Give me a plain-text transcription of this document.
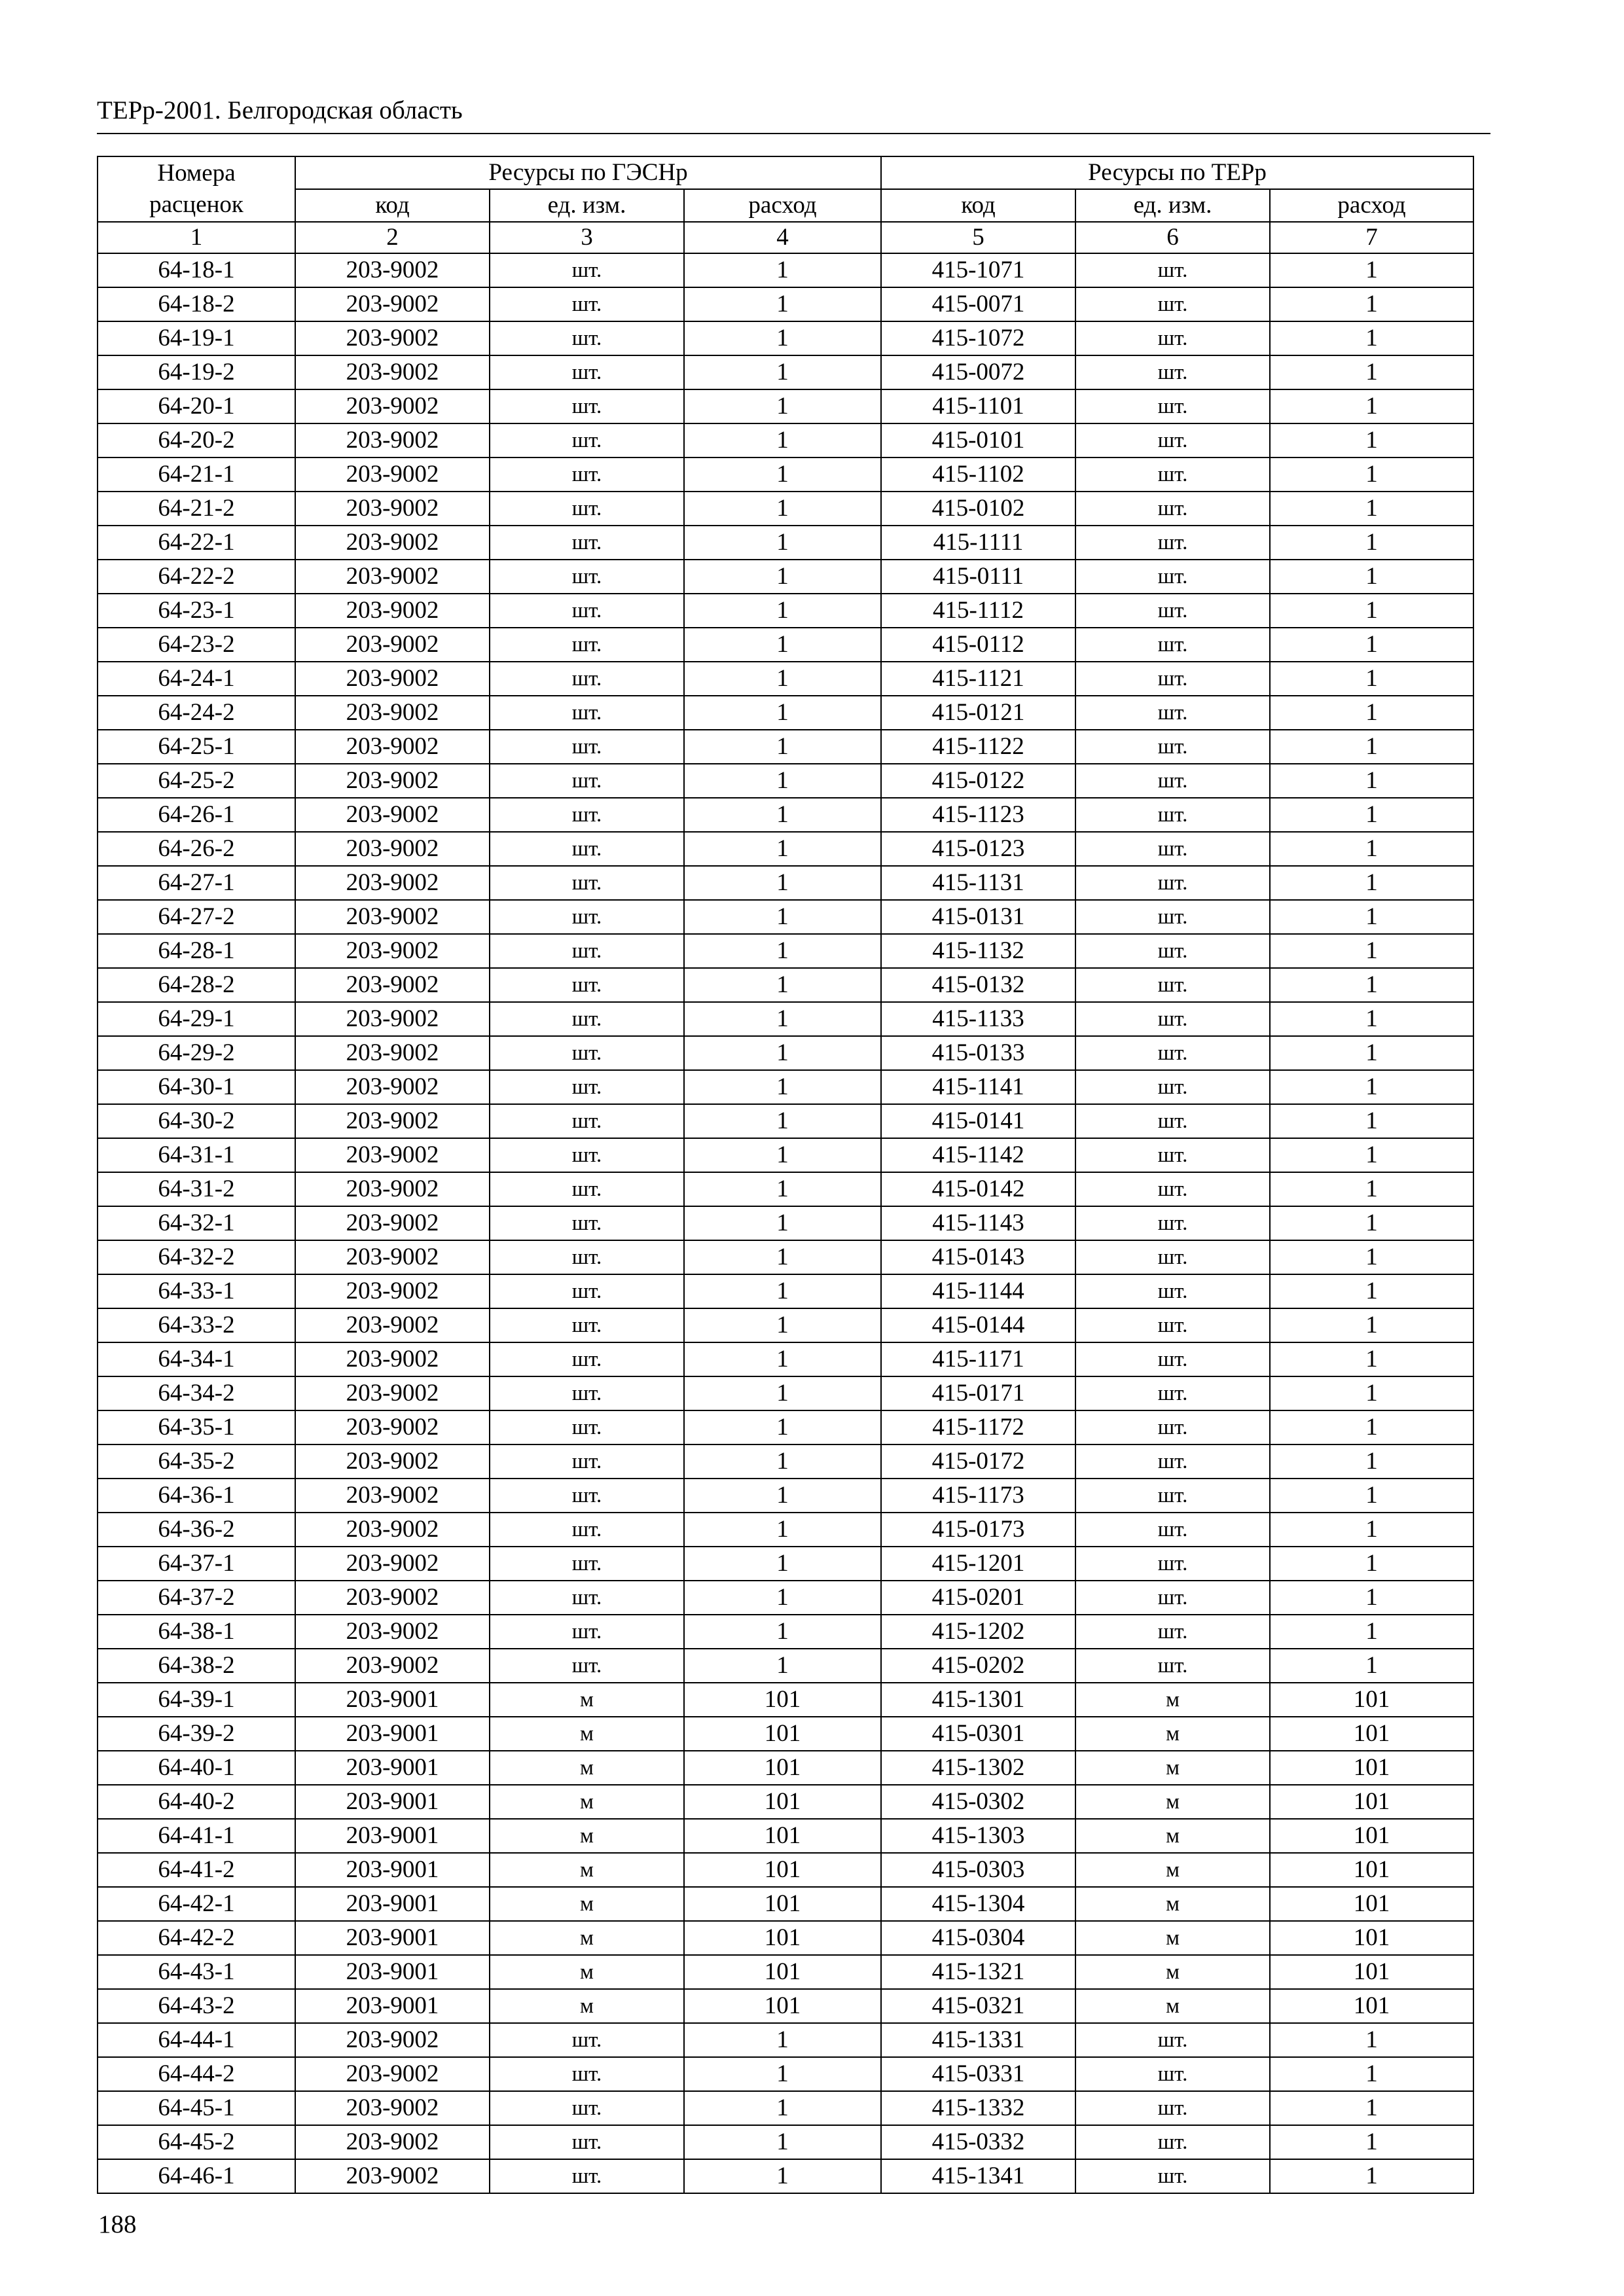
ТЕРр-2001. Белгородская область
Номера расценок	Ресурсы по ГЭСНр			Ресурсы по ТЕРр		
	код	ед. изм.	расход	код	ед. изм.	расход
1	2	3	4	5	6	7
64-18-1	203-9002	шт.	1	415-1071	шт.	1
64-18-2	203-9002	шт.	1	415-0071	шт.	1
64-19-1	203-9002	шт.	1	415-1072	шт.	1
64-19-2	203-9002	шт.	1	415-0072	шт.	1
64-20-1	203-9002	шт.	1	415-1101	шт.	1
64-20-2	203-9002	шт.	1	415-0101	шт.	1
64-21-1	203-9002	шт.	1	415-1102	шт.	1
64-21-2	203-9002	шт.	1	415-0102	шт.	1
64-22-1	203-9002	шт.	1	415-1111	шт.	1
64-22-2	203-9002	шт.	1	415-0111	шт.	1
64-23-1	203-9002	шт.	1	415-1112	шт.	1
64-23-2	203-9002	шт.	1	415-0112	шт.	1
64-24-1	203-9002	шт.	1	415-1121	шт.	1
64-24-2	203-9002	шт.	1	415-0121	шт.	1
64-25-1	203-9002	шт.	1	415-1122	шт.	1
64-25-2	203-9002	шт.	1	415-0122	шт.	1
64-26-1	203-9002	шт.	1	415-1123	шт.	1
64-26-2	203-9002	шт.	1	415-0123	шт.	1
64-27-1	203-9002	шт.	1	415-1131	шт.	1
64-27-2	203-9002	шт.	1	415-0131	шт.	1
64-28-1	203-9002	шт.	1	415-1132	шт.	1
64-28-2	203-9002	шт.	1	415-0132	шт.	1
64-29-1	203-9002	шт.	1	415-1133	шт.	1
64-29-2	203-9002	шт.	1	415-0133	шт.	1
64-30-1	203-9002	шт.	1	415-1141	шт.	1
64-30-2	203-9002	шт.	1	415-0141	шт.	1
64-31-1	203-9002	шт.	1	415-1142	шт.	1
64-31-2	203-9002	шт.	1	415-0142	шт.	1
64-32-1	203-9002	шт.	1	415-1143	шт.	1
64-32-2	203-9002	шт.	1	415-0143	шт.	1
64-33-1	203-9002	шт.	1	415-1144	шт.	1
64-33-2	203-9002	шт.	1	415-0144	шт.	1
64-34-1	203-9002	шт.	1	415-1171	шт.	1
64-34-2	203-9002	шт.	1	415-0171	шт.	1
64-35-1	203-9002	шт.	1	415-1172	шт.	1
64-35-2	203-9002	шт.	1	415-0172	шт.	1
64-36-1	203-9002	шт.	1	415-1173	шт.	1
64-36-2	203-9002	шт.	1	415-0173	шт.	1
64-37-1	203-9002	шт.	1	415-1201	шт.	1
64-37-2	203-9002	шт.	1	415-0201	шт.	1
64-38-1	203-9002	шт.	1	415-1202	шт.	1
64-38-2	203-9002	шт.	1	415-0202	шт.	1
64-39-1	203-9001	м	101	415-1301	м	101
64-39-2	203-9001	м	101	415-0301	м	101
64-40-1	203-9001	м	101	415-1302	м	101
64-40-2	203-9001	м	101	415-0302	м	101
64-41-1	203-9001	м	101	415-1303	м	101
64-41-2	203-9001	м	101	415-0303	м	101
64-42-1	203-9001	м	101	415-1304	м	101
64-42-2	203-9001	м	101	415-0304	м	101
64-43-1	203-9001	м	101	415-1321	м	101
64-43-2	203-9001	м	101	415-0321	м	101
64-44-1	203-9002	шт.	1	415-1331	шт.	1
64-44-2	203-9002	шт.	1	415-0331	шт.	1
64-45-1	203-9002	шт.	1	415-1332	шт.	1
64-45-2	203-9002	шт.	1	415-0332	шт.	1
64-46-1	203-9002	шт.	1	415-1341	шт.	1
188
